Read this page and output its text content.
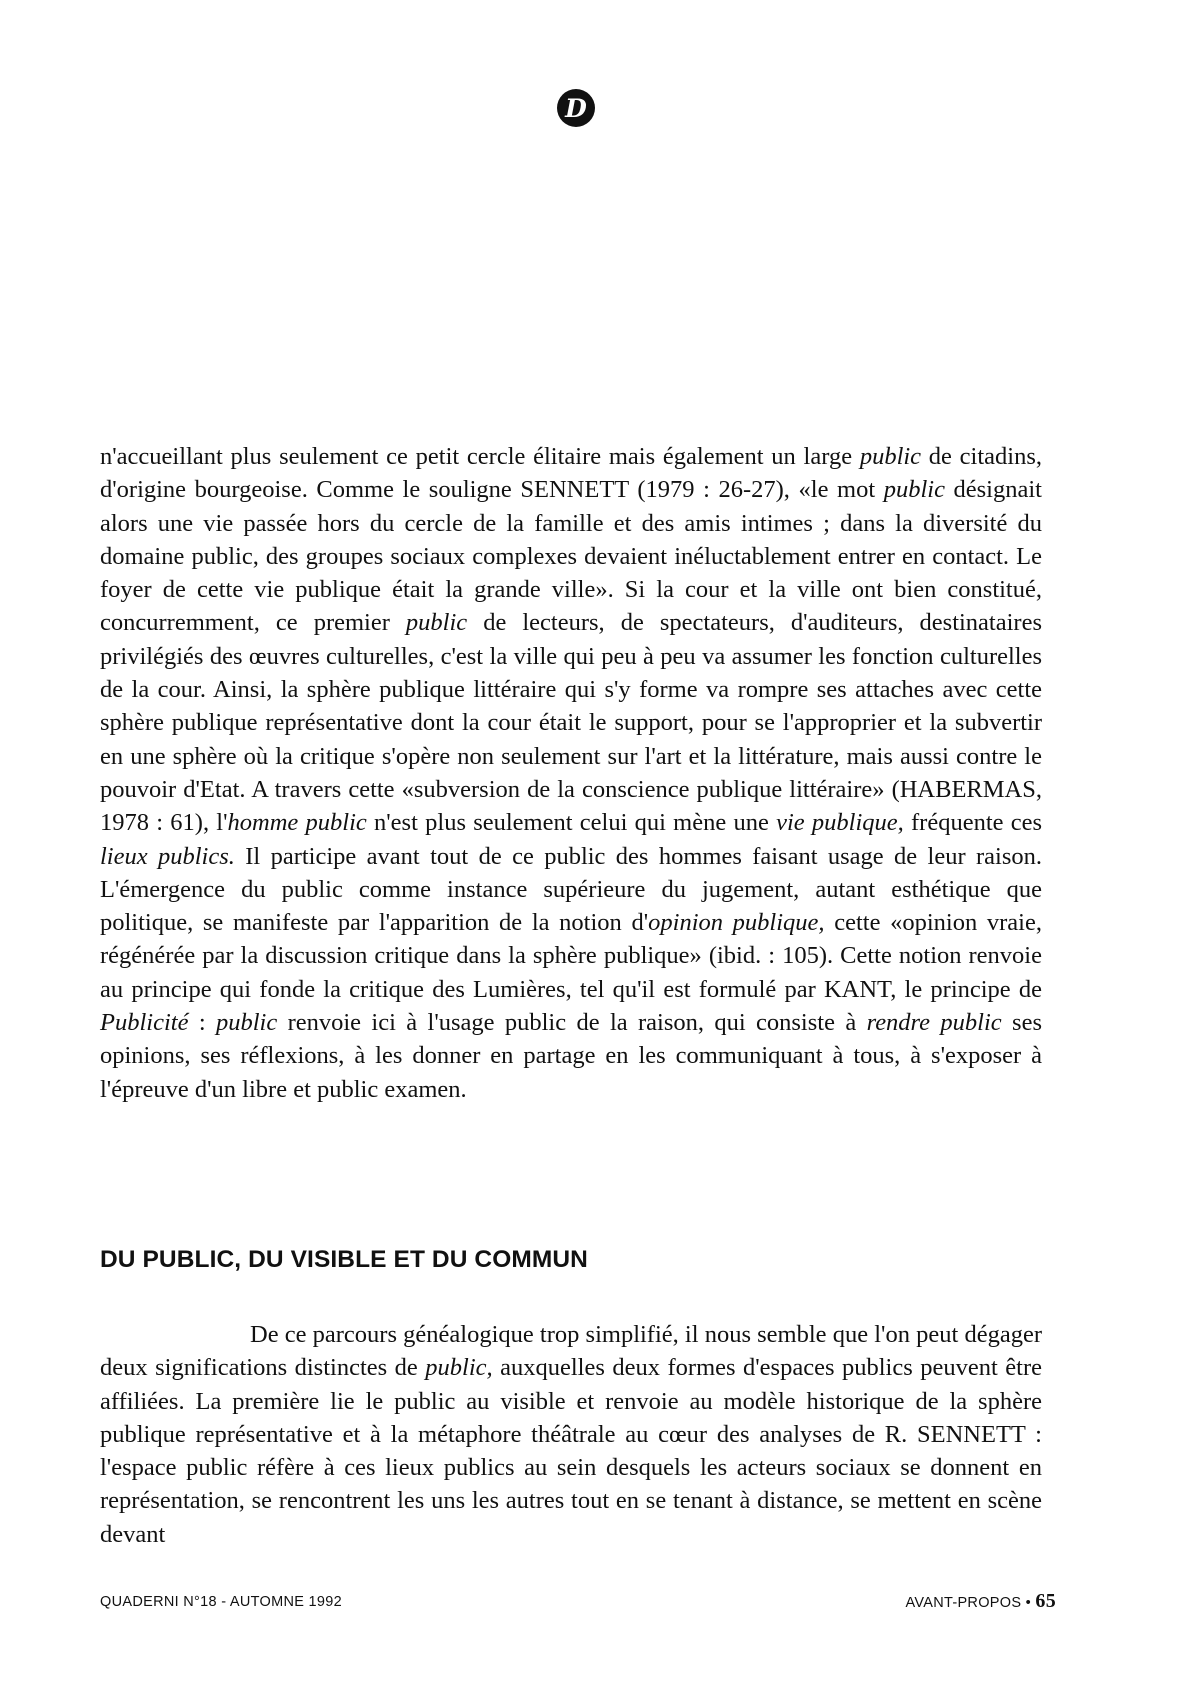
D

n'accueillant plus seulement ce petit cercle élitaire mais également un large public de citadins, d'origine bourgeoise. Comme le souligne SENNETT (1979 : 26-27), «le mot public désignait alors une vie passée hors du cercle de la famille et des amis intimes ; dans la diversité du domaine public, des groupes sociaux complexes devaient inéluctablement entrer en contact. Le foyer de cette vie publique était la grande ville». Si la cour et la ville ont bien constitué, concurremment, ce premier public de lecteurs, de spectateurs, d'auditeurs, destinataires privilégiés des œuvres culturelles, c'est la ville qui peu à peu va assumer les fonction culturelles de la cour. Ainsi, la sphère publique littéraire qui s'y forme va rompre ses attaches avec cette sphère publique représentative dont la cour était le support, pour se l'approprier et la subvertir en une sphère où la critique s'opère non seulement sur l'art et la littérature, mais aussi contre le pouvoir d'Etat. A travers cette «subversion de la conscience publique littéraire» (HABERMAS, 1978 : 61), l'homme public n'est plus seulement celui qui mène une vie publique, fréquente ces lieux publics. Il participe avant tout de ce public des hommes faisant usage de leur raison. L'émergence du public comme instance supérieure du jugement, autant esthétique que politique, se manifeste par l'apparition de la notion d'opinion publique, cette «opinion vraie, régénérée par la discussion critique dans la sphère publique» (ibid. : 105). Cette notion renvoie au principe qui fonde la critique des Lumières, tel qu'il est formulé par KANT, le principe de Publicité : public renvoie ici à l'usage public de la raison, qui consiste à rendre public ses opinions, ses réflexions, à les donner en partage en les communiquant à tous, à s'exposer à l'épreuve d'un libre et public examen.

DU PUBLIC, DU VISIBLE ET DU COMMUN

De ce parcours généalogique trop simplifié, il nous semble que l'on peut dégager deux significations distinctes de public, auxquelles deux formes d'espaces publics peuvent être affiliées. La première lie le public au visible et renvoie au modèle historique de la sphère publique représentative et à la métaphore théâtrale au cœur des analyses de R. SENNETT : l'espace public réfère à ces lieux publics au sein desquels les acteurs sociaux se donnent en représentation, se rencontrent les uns les autres tout en se tenant à distance, se mettent en scène devant

QUADERNI N°18 - AUTOMNE 1992	AVANT-PROPOS • 65
